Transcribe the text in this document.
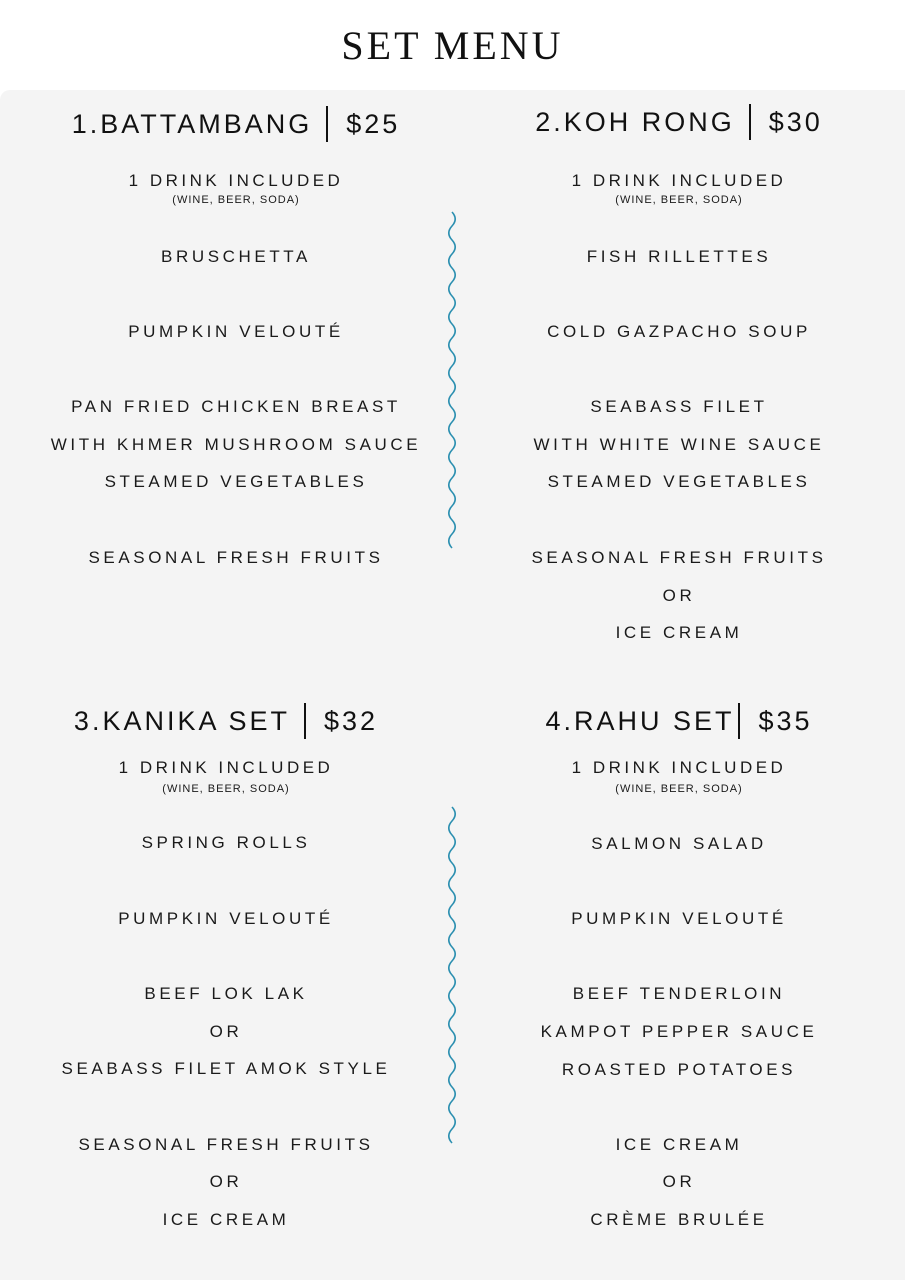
SET MENU
1.BATTAMBANG $25
1 DRINK INCLUDED
(WINE, BEER, SODA)
BRUSCHETTA
PUMPKIN VELOUTÉ
PAN FRIED CHICKEN BREAST
WITH KHMER MUSHROOM SAUCE
STEAMED VEGETABLES
SEASONAL FRESH FRUITS
2.KOH RONG $30
1 DRINK INCLUDED
(WINE, BEER, SODA)
FISH RILLETTES
COLD GAZPACHO SOUP
SEABASS FILET
WITH WHITE WINE SAUCE
STEAMED VEGETABLES
SEASONAL FRESH FRUITS
OR
ICE CREAM
3.KANIKA SET $32
1 DRINK INCLUDED
(WINE, BEER, SODA)
SPRING ROLLS
PUMPKIN VELOUTÉ
BEEF LOK LAK
OR
SEABASS FILET AMOK STYLE
SEASONAL FRESH FRUITS
OR
ICE CREAM
4.RAHU SET $35
1 DRINK INCLUDED
(WINE, BEER, SODA)
SALMON SALAD
PUMPKIN VELOUTÉ
BEEF TENDERLOIN
KAMPOT PEPPER SAUCE
ROASTED POTATOES
ICE CREAM
OR
CRÈME BRULÉE
